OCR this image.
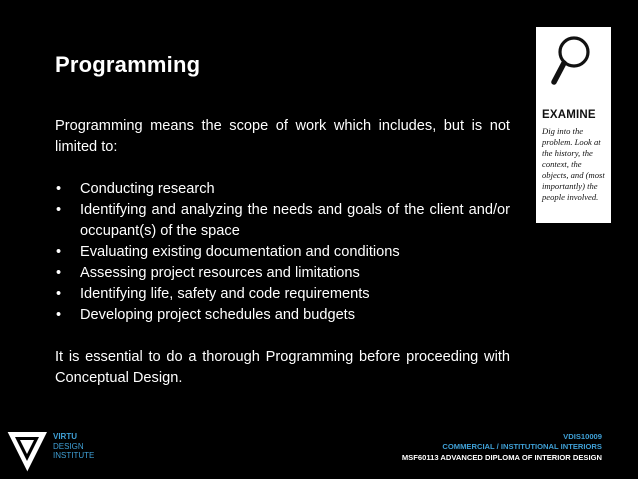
Programming

Programming means the scope of work which includes, but is not limited to:

• Conducting research
• Identifying and analyzing the needs and goals of the client and/or occupant(s) of the space
• Evaluating existing documentation and conditions
• Assessing project resources and limitations
• Identifying life, safety and code requirements
• Developing project schedules and budgets

It is essential to do a thorough Programming before proceeding with Conceptual Design.

EXAMINE
Dig into the problem. Look at the history, the context, the objects, and (most importantly) the people involved.
VIRTU
DESIGN
INSTITUTE
VDIS10009
COMMERCIAL / INSTITUTIONAL INTERIORS
MSF60113 ADVANCED DIPLOMA OF INTERIOR DESIGN
